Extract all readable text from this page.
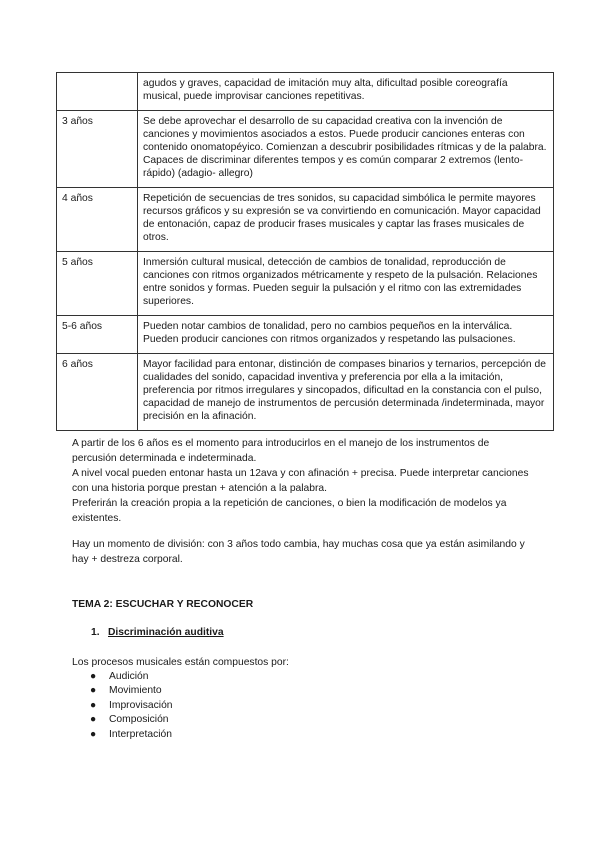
	agudos y graves, capacidad de imitación muy alta, dificultad posible coreografía musical, puede improvisar canciones repetitivas.
3 años	Se debe aprovechar el desarrollo de su capacidad creativa con la invención de canciones y movimientos asociados a estos. Puede producir canciones enteras con contenido onomatopéyico. Comienzan a descubrir posibilidades rítmicas y de la palabra. Capaces de discriminar diferentes tempos y es común comparar 2 extremos (lento- rápido) (adagio- allegro)
4 años	Repetición de secuencias de tres sonidos, su capacidad simbólica le permite mayores recursos gráficos y su expresión se va convirtiendo en comunicación. Mayor capacidad de entonación, capaz de producir frases musicales y captar las frases musicales de otros.
5 años	Inmersión cultural musical, detección de cambios de tonalidad, reproducción de canciones con ritmos organizados métricamente y respeto de la pulsación. Relaciones entre sonidos y formas. Pueden seguir la pulsación y el ritmo con las extremidades superiores.
5-6 años	Pueden notar cambios de tonalidad, pero no cambios pequeños en la interválica. Pueden producir canciones con ritmos organizados y respetando las pulsaciones.
6 años	Mayor facilidad para entonar, distinción de compases binarios y ternarios, percepción de cualidades del sonido, capacidad inventiva y preferencia por ella a la imitación, preferencia por ritmos irregulares y sincopados, dificultad en la constancia con el pulso, capacidad de manejo de instrumentos de percusión determinada /indeterminada, mayor precisión en la afinación.
A partir de los 6 años es el momento para introducirlos en el manejo de los instrumentos de percusión determinada e indeterminada.
A nivel vocal pueden entonar hasta un 12ava y con afinación + precisa. Puede interpretar canciones con una historia porque prestan + atención a la palabra.
Preferirán la creación propia a la repetición de canciones, o bien la modificación de modelos ya existentes.
Hay un momento de división: con 3 años todo cambia, hay muchas cosa que ya están asimilando y hay + destreza corporal.
TEMA 2: ESCUCHAR Y RECONOCER
1. Discriminación auditiva
Los procesos musicales están compuestos por:
● Audición
● Movimiento
● Improvisación
● Composición
● Interpretación
